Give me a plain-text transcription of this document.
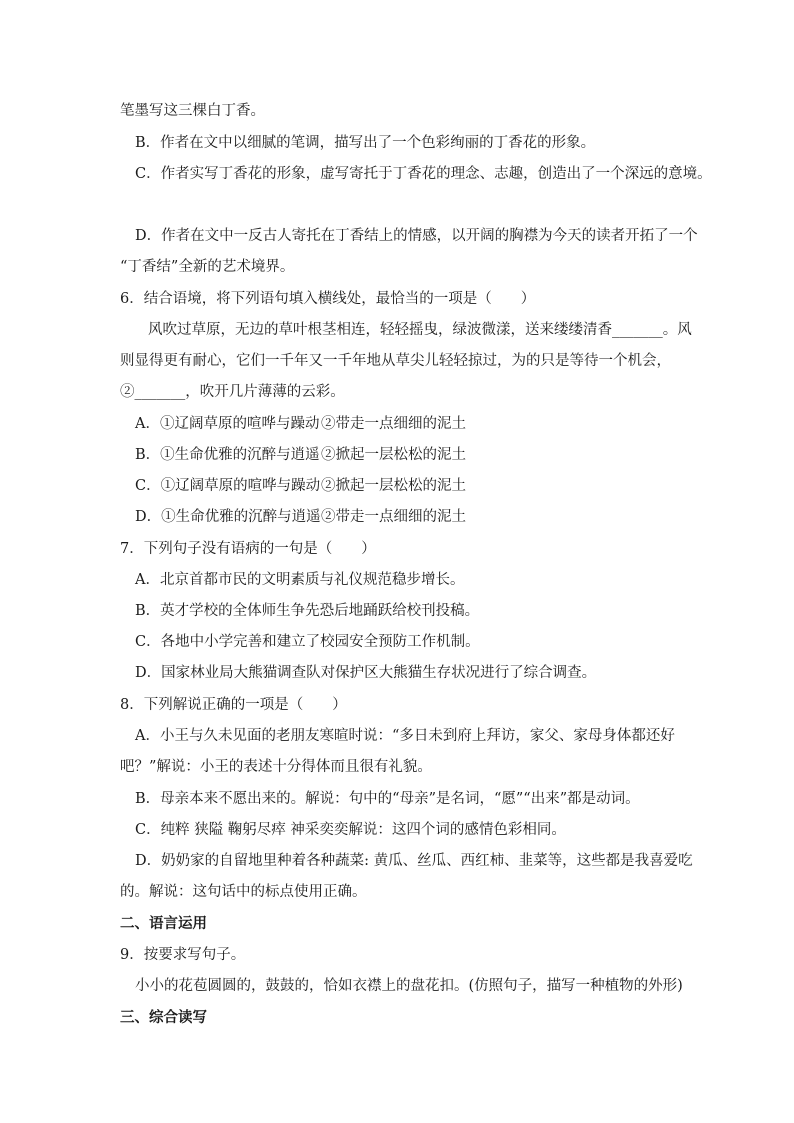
笔墨写这三棵白丁香。
B．作者在文中以细腻的笔调，描写出了一个色彩绚丽的丁香花的形象。
C．作者实写丁香花的形象，虚写寄托于丁香花的理念、志趣，创造出了一个深远的意境。
D．作者在文中一反古人寄托在丁香结上的情感，以开阔的胸襟为今天的读者开拓了一个
“丁香结”全新的艺术境界。
6．结合语境，将下列语句填入横线处，最恰当的一项是（　　）
风吹过草原，无边的草叶根茎相连，轻轻摇曳，绿波微漾，送来缕缕清香_______。风
则显得更有耐心，它们一千年又一千年地从草尖儿轻轻掠过，为的只是等待一个机会，
②_______，吹开几片薄薄的云彩。
A．①辽阔草原的喧哗与躁动 ②带走一点细细的泥土
B．①生命优雅的沉醉与逍遥②掀起一层松松的泥土
C．①辽阔草原的喧哗与躁动②掀起一层松松的泥土
D．①生命优雅的沉醉与逍遥②带走一点细细的泥土
7．下列句子没有语病的一句是（　　）
A．北京首都市民的文明素质与礼仪规范稳步增长。
B．英才学校的全体师生争先恐后地踊跃给校刊投稿。
C．各地中小学完善和建立了校园安全预防工作机制。
D．国家林业局大熊猫调查队对保护区大熊猫生存状况进行了综合调查。
8．下列解说正确的一项是（　　）
A．小王与久未见面的老朋友寒暄时说：“多日未到府上拜访，家父、家母身体都还好
吧？”解说：小王的表述十分得体而且很有礼貌。
B．母亲本来不愿出来的。解说：句中的“母亲”是名词，“愿”“出来”都是动词。
C．纯粹 狭隘 鞠躬尽瘁 神采奕奕解说：这四个词的感情色彩相同。
D．奶奶家的自留地里种着各种蔬菜: 黄瓜、丝瓜、西红柿、韭菜等，这些都是我喜爱吃
的。解说：这句话中的标点使用正确。
二、语言运用
9．按要求写句子。
小小的花苞圆圆的，鼓鼓的，恰如衣襟上的盘花扣。(仿照句子，描写一种植物的外形)
三、综合读写
